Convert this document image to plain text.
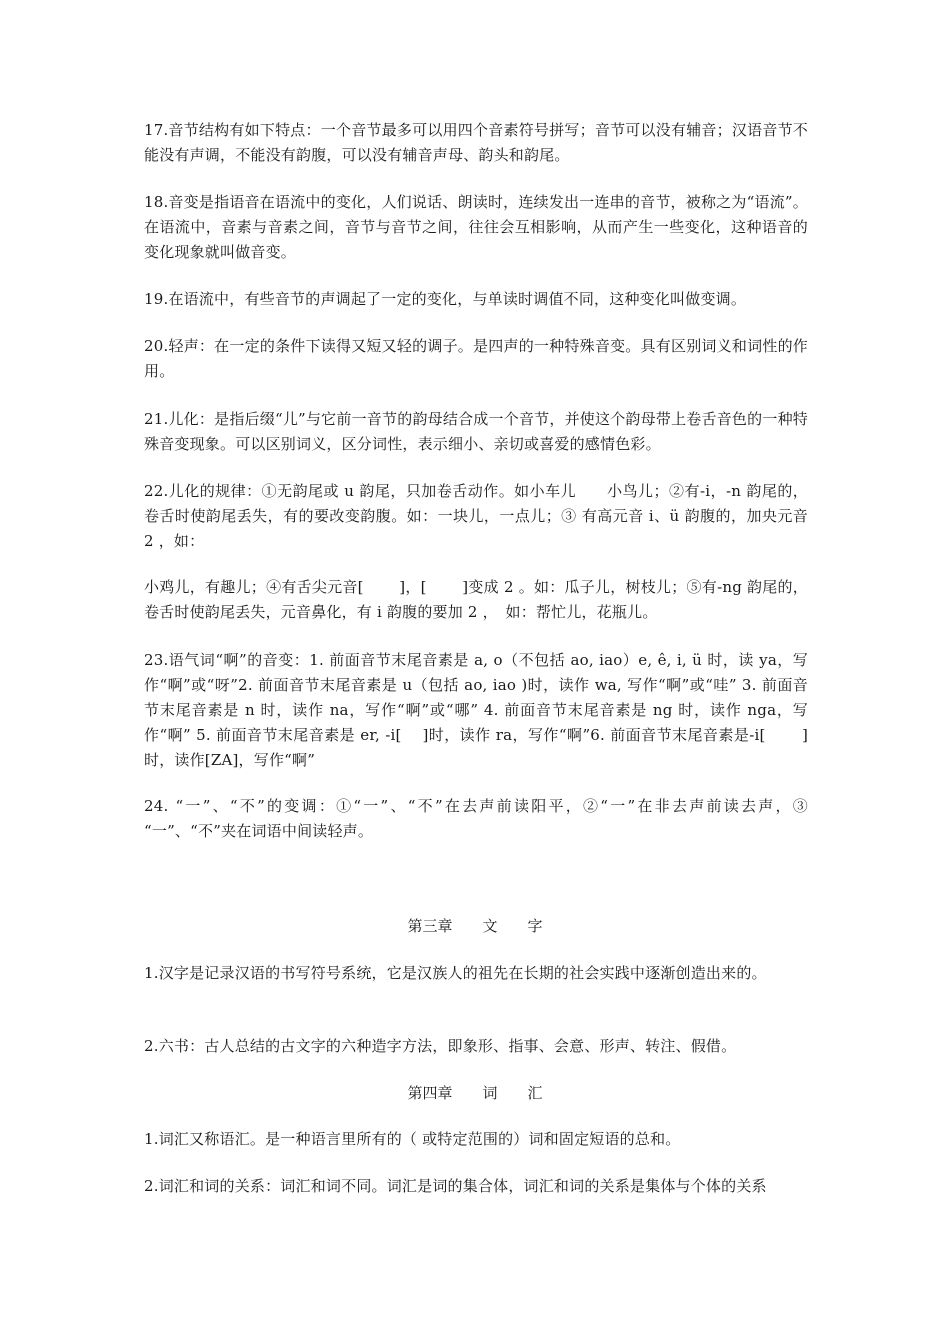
17.音节结构有如下特点：一个音节最多可以用四个音素符号拼写；音节可以没有辅音；汉语音节不能没有声调，不能没有韵腹，可以没有辅音声母、韵头和韵尾。

18.音变是指语音在语流中的变化，人们说话、朗读时，连续发出一连串的音节，被称之为“语流”。在语流中，音素与音素之间，音节与音节之间，往往会互相影响，从而产生一些变化，这种语音的变化现象就叫做音变。

19.在语流中，有些音节的声调起了一定的变化，与单读时调值不同，这种变化叫做变调。

20.轻声：在一定的条件下读得又短又轻的调子。是四声的一种特殊音变。具有区别词义和词性的作用。

21.儿化：是指后缀“儿”与它前一音节的韵母结合成一个音节，并使这个韵母带上卷舌音色的一种特殊音变现象。可以区别词义，区分词性，表示细小、亲切或喜爱的感情色彩。

22.儿化的规律：①无韵尾或 u 韵尾，只加卷舌动作。如小车儿　　小鸟儿；②有-i，-n 韵尾的，卷舌时使韵尾丢失，有的要改变韵腹。如：一块儿，一点儿；③ 有高元音 i、ü 韵腹的，加央元音 2 ，如：

小鸡儿，有趣儿；④有舌尖元音[　　 ]，[　　 ]变成 2 。如：瓜子儿，树枝儿；⑤有-ng 韵尾的，卷舌时使韵尾丢失，元音鼻化，有 i 韵腹的要加 2 ，　如：帮忙儿，花瓶儿。

23.语气词“啊”的音变：1. 前面音节末尾音素是 a, o（不包括 ao, iao）e, ê, i, ü 时，读 ya，写作“啊”或“呀”2. 前面音节末尾音素是 u（包括 ao, iao )时，读作 wa, 写作“啊”或“哇” 3. 前面音节末尾音素是 n 时，读作 na，写作“啊”或“哪” 4. 前面音节末尾音素是 ng 时，读作 nga，写作“啊” 5. 前面音节末尾音素是 er, -i[　 ]时，读作 ra，写作“啊”6. 前面音节末尾音素是-i[　　 ]时，读作[ZA]，写作“啊”

24. “一”、“不”的变调：①“一”、“不”在去声前读阳平，②“一”在非去声前读去声，③ “一”、“不”夹在词语中间读轻声。

第三章　　文　　字

1.汉字是记录汉语的书写符号系统，它是汉族人的祖先在长期的社会实践中逐渐创造出来的。

2.六书：古人总结的古文字的六种造字方法，即象形、指事、会意、形声、转注、假借。

第四章　　词　　汇

1.词汇又称语汇。是一种语言里所有的（ 或特定范围的）词和固定短语的总和。

2.词汇和词的关系：词汇和词不同。词汇是词的集合体，词汇和词的关系是集体与个体的关系
